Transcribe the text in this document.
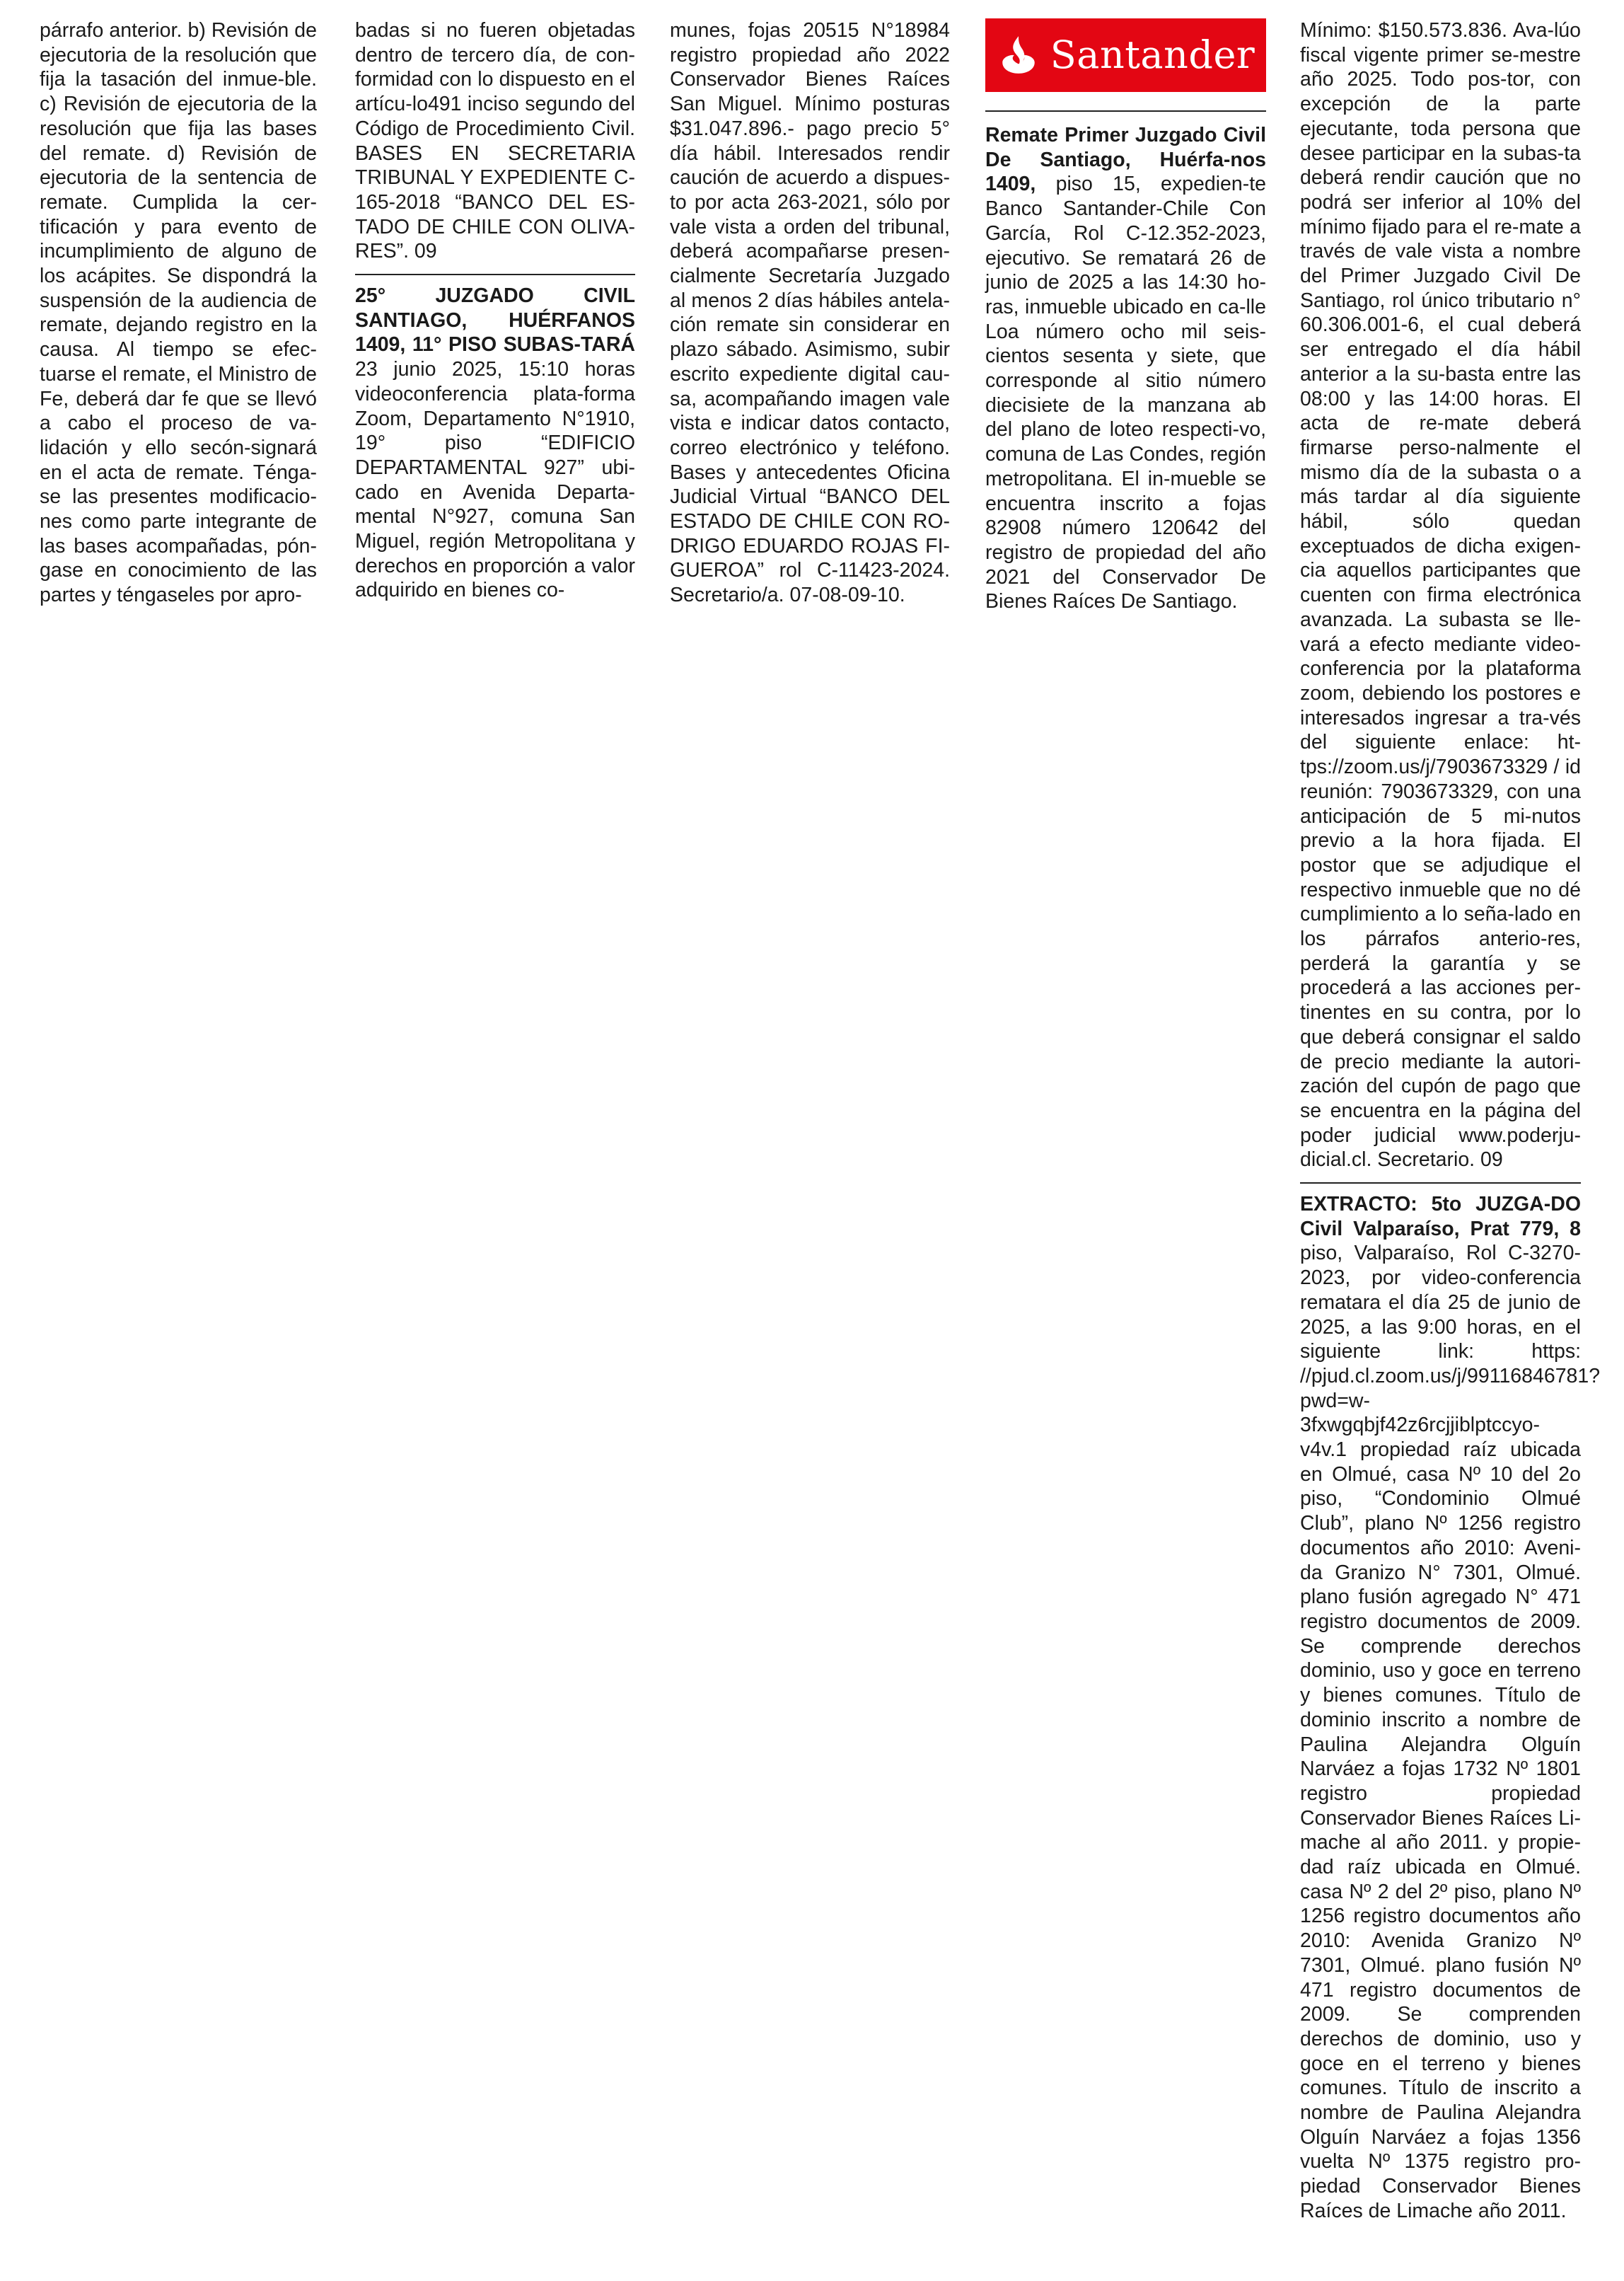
párrafo anterior. b) Revisión de ejecutoria de la resolución que fija la tasación del inmue-ble. c) Revisión de ejecutoria de la resolución que fija las bases del remate. d) Revisión de ejecutoria de la sentencia de remate. Cumplida la cer-tificación y para evento de incumplimiento de alguno de los acápites. Se dispondrá la suspensión de la audiencia de remate, dejando registro en la causa. Al tiempo se efec-tuarse el remate, el Ministro de Fe, deberá dar fe que se llevó a cabo el proceso de va-lidación y ello secón-signará en el acta de remate. Ténga-se las presentes modificacio-nes como parte integrante de las bases acompañadas, pón-gase en conocimiento de las partes y téngaseles por apro-

badas si no fueren objetadas dentro de tercero día, de con-formidad con lo dispuesto en el artícu-lo491 inciso segundo del Código de Procedimiento Civil. BASES EN SECRETARIA TRIBUNAL Y EXPEDIENTE C-165-2018 “BANCO DEL ES-TADO DE CHILE CON OLIVA-RES”. 09

25° JUZGADO CIVIL SANTIAGO, HUÉRFANOS 1409, 11° PISO SUBAS-TARÁ 23 junio 2025, 15:10 horas videoconferencia plata-forma Zoom, Departamento N°1910, 19° piso “EDIFICIO DEPARTAMENTAL 927” ubi-cado en Avenida Departa-mental N°927, comuna San Miguel, región Metropolitana y derechos en proporción a valor adquirido en bienes co-

munes, fojas 20515 N°18984 registro propiedad año 2022 Conservador Bienes Raíces San Miguel. Mínimo posturas $31.047.896.- pago precio 5° día hábil. Interesados rendir caución de acuerdo a dispues-to por acta 263-2021, sólo por vale vista a orden del tribunal, deberá acompañarse presen-cialmente Secretaría Juzgado al menos 2 días hábiles antela-ción remate sin considerar en plazo sábado. Asimismo, subir escrito expediente digital cau-sa, acompañando imagen vale vista e indicar datos contacto, correo electrónico y teléfono. Bases y antecedentes Oficina Judicial Virtual “BANCO DEL ESTADO DE CHILE CON RO-DRIGO EDUARDO ROJAS FI-GUEROA” rol C-11423-2024. Secretario/a. 07-08-09-10.

Santander

Remate Primer Juzgado Civil De Santiago, Huérfa-nos 1409, piso 15, expedien-te Banco Santander-Chile Con García, Rol C-12.352-2023, ejecutivo. Se rematará 26 de junio de 2025 a las 14:30 ho-ras, inmueble ubicado en ca-lle Loa número ocho mil seis-cientos sesenta y siete, que corresponde al sitio número diecisiete de la manzana ab del plano de loteo respecti-vo, comuna de Las Condes, región metropolitana. El in-mueble se encuentra inscrito a fojas 82908 número 120642 del registro de propiedad del año 2021 del Conservador De Bienes Raíces De Santiago.

Mínimo: $150.573.836. Ava-lúo fiscal vigente primer se-mestre año 2025. Todo pos-tor, con excepción de la parte ejecutante, toda persona que desee participar en la subas-ta deberá rendir caución que no podrá ser inferior al 10% del mínimo fijado para el re-mate a través de vale vista a nombre del Primer Juzgado Civil De Santiago, rol único tributario n° 60.306.001-6, el cual deberá ser entregado el día hábil anterior a la su-basta entre las 08:00 y las 14:00 horas. El acta de re-mate deberá firmarse perso-nalmente el mismo día de la subasta o a más tardar al día siguiente hábil, sólo quedan exceptuados de dicha exigen-cia aquellos participantes que cuenten con firma electrónica avanzada. La subasta se lle-vará a efecto mediante video-conferencia por la plataforma zoom, debiendo los postores e interesados ingresar a tra-vés del siguiente enlace: ht-tps://zoom.us/j/7903673329 / id reunión: 7903673329, con una anticipación de 5 mi-nutos previo a la hora fijada. El postor que se adjudique el respectivo inmueble que no dé cumplimiento a lo seña-lado en los párrafos anterio-res, perderá la garantía y se procederá a las acciones per-tinentes en su contra, por lo que deberá consignar el saldo de precio mediante la autori-zación del cupón de pago que se encuentra en la página del poder judicial www.poderju-dicial.cl. Secretario. 09

EXTRACTO: 5to JUZGA-DO Civil Valparaíso, Prat 779, 8 piso, Valparaíso, Rol C-3270-2023, por video-conferencia rematara el día 25 de junio de 2025, a las 9:00 horas, en el siguiente link: https: //pjud.cl.zoom.us/j/99116846781?pwd=w-3fxwgqbjf42z6rcjjiblptccyo-v4v.1 propiedad raíz ubicada en Olmué, casa Nº 10 del 2o piso, “Condominio Olmué Club”, plano Nº 1256 registro documentos año 2010: Aveni-da Granizo N° 7301, Olmué. plano fusión agregado N° 471 registro documentos de 2009. Se comprende derechos dominio, uso y goce en terreno y bienes comunes. Título de dominio inscrito a nombre de Paulina Alejandra Olguín Narváez a fojas 1732 Nº 1801 registro propiedad Conservador Bienes Raíces Li-mache al año 2011. y propie-dad raíz ubicada en Olmué. casa Nº 2 del 2º piso, plano Nº 1256 registro documentos año 2010: Avenida Granizo Nº 7301, Olmué. plano fusión Nº 471 registro documentos de 2009. Se comprenden derechos de dominio, uso y goce en el terreno y bienes comunes. Título de inscrito a nombre de Paulina Alejandra Olguín Narváez a fojas 1356 vuelta Nº 1375 registro pro-piedad Conservador Bienes Raíces de Limache año 2011.
